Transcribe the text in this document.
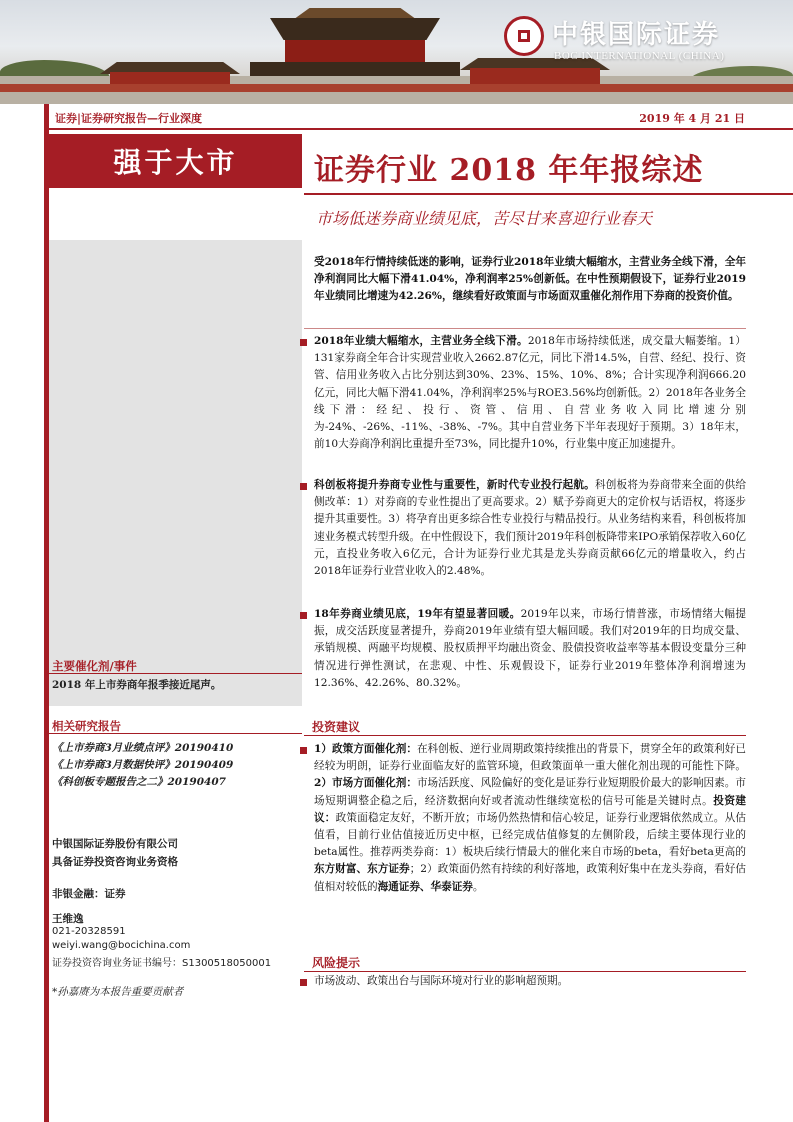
中银国际证券
BOC INTERNATIONAL (CHINA)
证券|证券研究报告—行业深度	2019 年 4 月 21 日
强于大市	证券行业 2018 年年报综述
市场低迷券商业绩见底，苦尽甘来喜迎行业春天
主要催化剂/事件
2018 年上市券商年报季接近尾声。
相关研究报告
《上市券商3月业绩点评》20190410
《上市券商3月数据快评》20190409
《科创板专题报告之二》20190407
中银国际证券股份有限公司
具备证券投资咨询业务资格
非银金融：证券
王维逸
021-20328591
weiyi.wang@bocichina.com
证券投资咨询业务证书编号：S1300518050001
*孙嘉赓为本报告重要贡献者
受2018年行情持续低迷的影响，证券行业2018年业绩大幅缩水，主营业务全线下滑，全年净利润同比大幅下滑41.04%，净利润率25%创新低。在中性预期假设下，证券行业2019年业绩同比增速为42.26%，继续看好政策面与市场面双重催化剂作用下券商的投资价值。
2018年业绩大幅缩水，主营业务全线下滑。2018年市场持续低迷，成交量大幅萎缩。1）131家券商全年合计实现营业收入2662.87亿元，同比下滑14.5%，自营、经纪、投行、资管、信用业务收入占比分别达到30%、23%、15%、10%、8%；合计实现净利润666.20亿元，同比大幅下滑41.04%，净利润率25%与ROE3.56%均创新低。2）2018年各业务全线下滑：经纪、投行、资管、信用、自营业务收入同比增速分别为-24%、-26%、-11%、-38%、-7%。其中自营业务下半年表现好于预期。3）18年末，前10大券商净利润比重提升至73%，同比提升10%，行业集中度正加速提升。
科创板将提升券商专业性与重要性，新时代专业投行起航。科创板将为券商带来全面的供给侧改革：1）对券商的专业性提出了更高要求。2）赋予券商更大的定价权与话语权，将逐步提升其重要性。3）将孕育出更多综合性专业投行与精品投行。从业务结构来看，科创板将加速业务模式转型升级。在中性假设下，我们预计2019年科创板降带来IPO承销保荐收入60亿元，直投业务收入6亿元，合计为证券行业尤其是龙头券商贡献66亿元的增量收入，约占2018年证券行业营业收入的2.48%。
18年券商业绩见底，19年有望显著回暖。2019年以来，市场行情普涨，市场情绪大幅提振，成交活跃度显著提升，券商2019年业绩有望大幅回暖。我们对2019年的日均成交量、承销规模、两融平均规模、股权质押平均融出资金、股债投资收益率等基本假设变量分三种情况进行弹性测试，在悲观、中性、乐观假设下，证券行业2019年整体净利润增速为12.36%、42.26%、80.32%。
投资建议
1）政策方面催化剂：在科创板、逆行业周期政策持续推出的背景下，贯穿全年的政策利好已经较为明朗，证券行业面临友好的监管环境，但政策面单一重大催化剂出现的可能性下降。2）市场方面催化剂：市场活跃度、风险偏好的变化是证券行业短期股价最大的影响因素。市场短期调整企稳之后，经济数据向好或者流动性继续宽松的信号可能是关键时点。投资建议：政策面稳定友好，不断开放；市场仍然热情和信心较足，证券行业逻辑依然成立。从估值看，目前行业估值接近历史中枢，已经完成估值修复的左侧阶段，后续主要体现行业的beta属性。推荐两类券商：1）板块后续行情最大的催化来自市场的beta，看好beta更高的东方财富、东方证券；2）政策面仍然有持续的利好落地，政策利好集中在龙头券商，看好估值相对较低的海通证券、华泰证券。
风险提示
市场波动、政策出台与国际环境对行业的影响超预期。
